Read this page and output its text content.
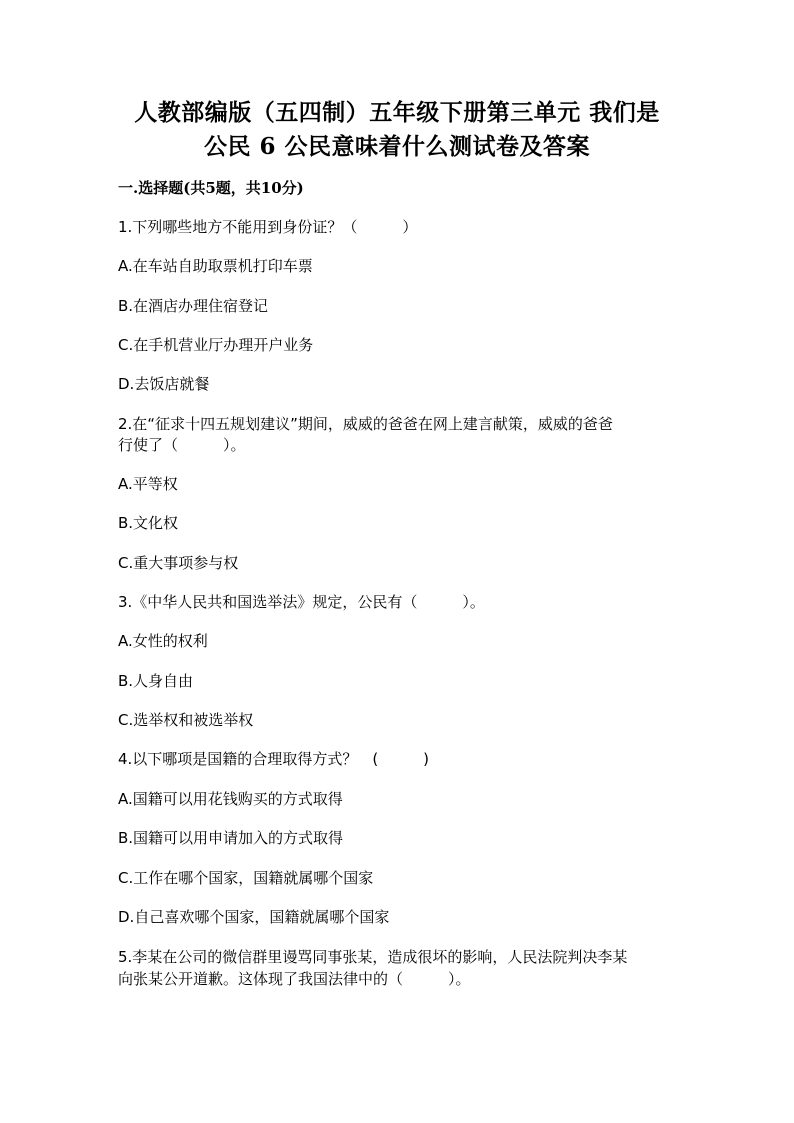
人教部编版（五四制）五年级下册第三单元 我们是
公民 6 公民意味着什么测试卷及答案
一.选择题(共5题，共10分)
1.下列哪些地方不能用到身份证？（　　　）
A.在车站自助取票机打印车票
B.在酒店办理住宿登记
C.在手机营业厅办理开户业务
D.去饭店就餐
2.在“征求十四五规划建议”期间，威威的爸爸在网上建言献策，威威的爸爸
行使了（　　　）。
A.平等权
B.文化权
C.重大事项参与权
3.《中华人民共和国选举法》规定，公民有（　　　）。
A.女性的权利
B.人身自由
C.选举权和被选举权
4.以下哪项是国籍的合理取得方式？　(　　　)
A.国籍可以用花钱购买的方式取得
B.国籍可以用申请加入的方式取得
C.工作在哪个国家，国籍就属哪个国家
D.自己喜欢哪个国家，国籍就属哪个国家
5.李某在公司的微信群里谩骂同事张某，造成很坏的影响，人民法院判决李某
向张某公开道歉。这体现了我国法律中的（　　　）。
